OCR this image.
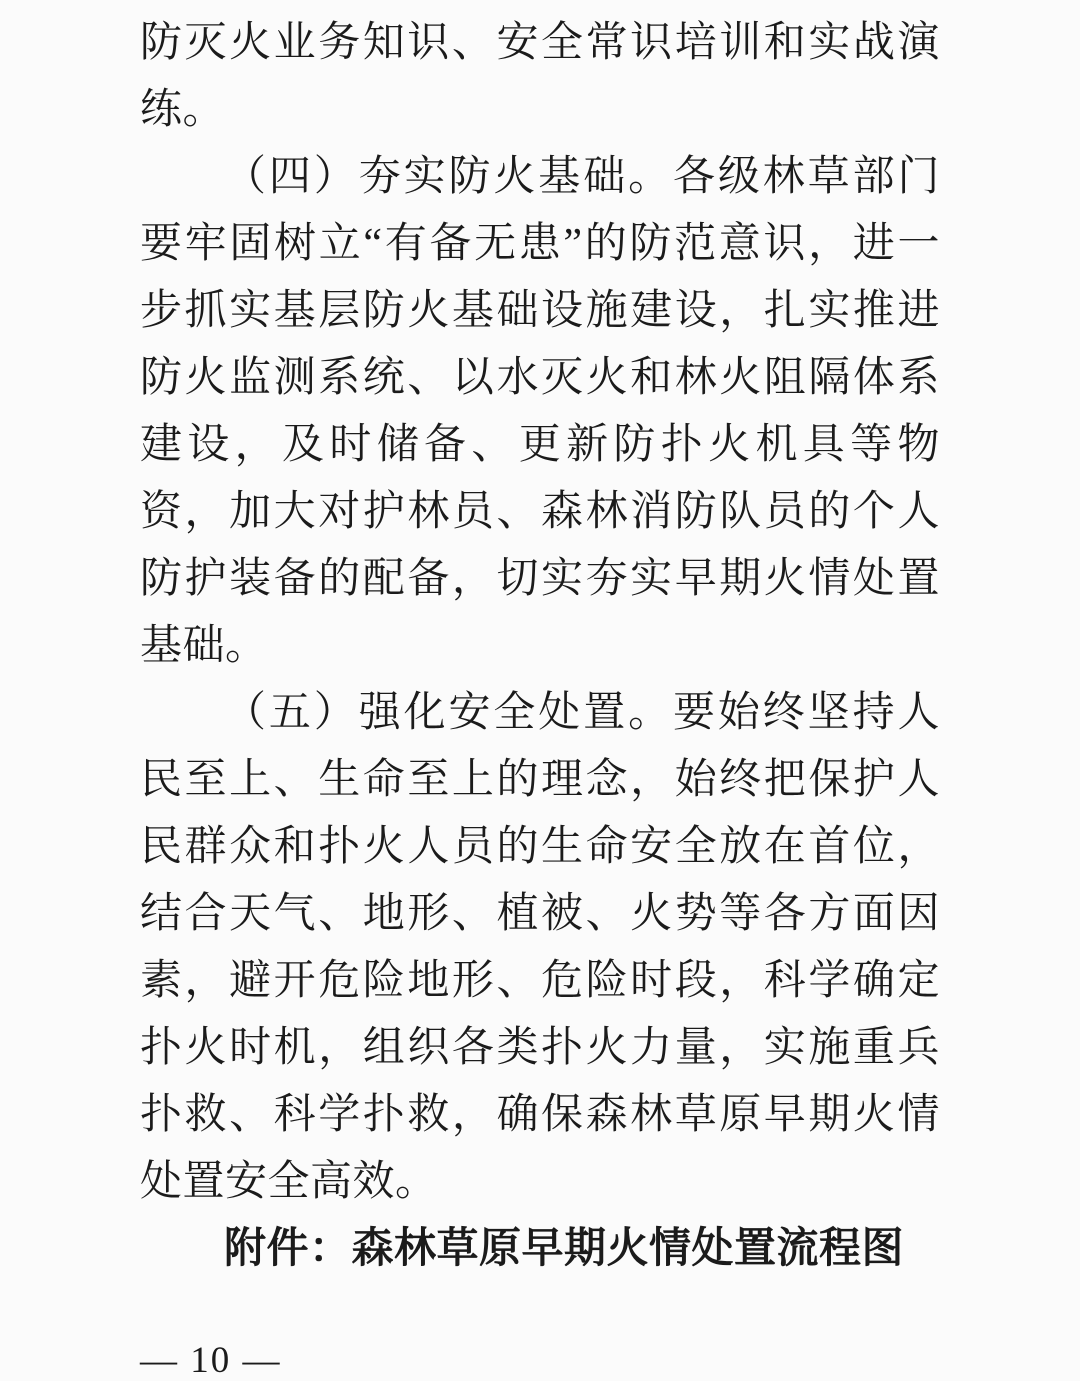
防灭火业务知识、安全常识培训和实战演练。

（四）夯实防火基础。各级林草部门要牢固树立“有备无患”的防范意识，进一步抓实基层防火基础设施建设，扎实推进防火监测系统、以水灭火和林火阻隔体系建设，及时储备、更新防扑火机具等物资，加大对护林员、森林消防队员的个人防护装备的配备，切实夯实早期火情处置基础。

（五）强化安全处置。要始终坚持人民至上、生命至上的理念，始终把保护人民群众和扑火人员的生命安全放在首位，结合天气、地形、植被、火势等各方面因素，避开危险地形、危险时段，科学确定扑火时机，组织各类扑火力量，实施重兵扑救、科学扑救，确保森林草原早期火情处置安全高效。

附件：森林草原早期火情处置流程图

— 10 —
